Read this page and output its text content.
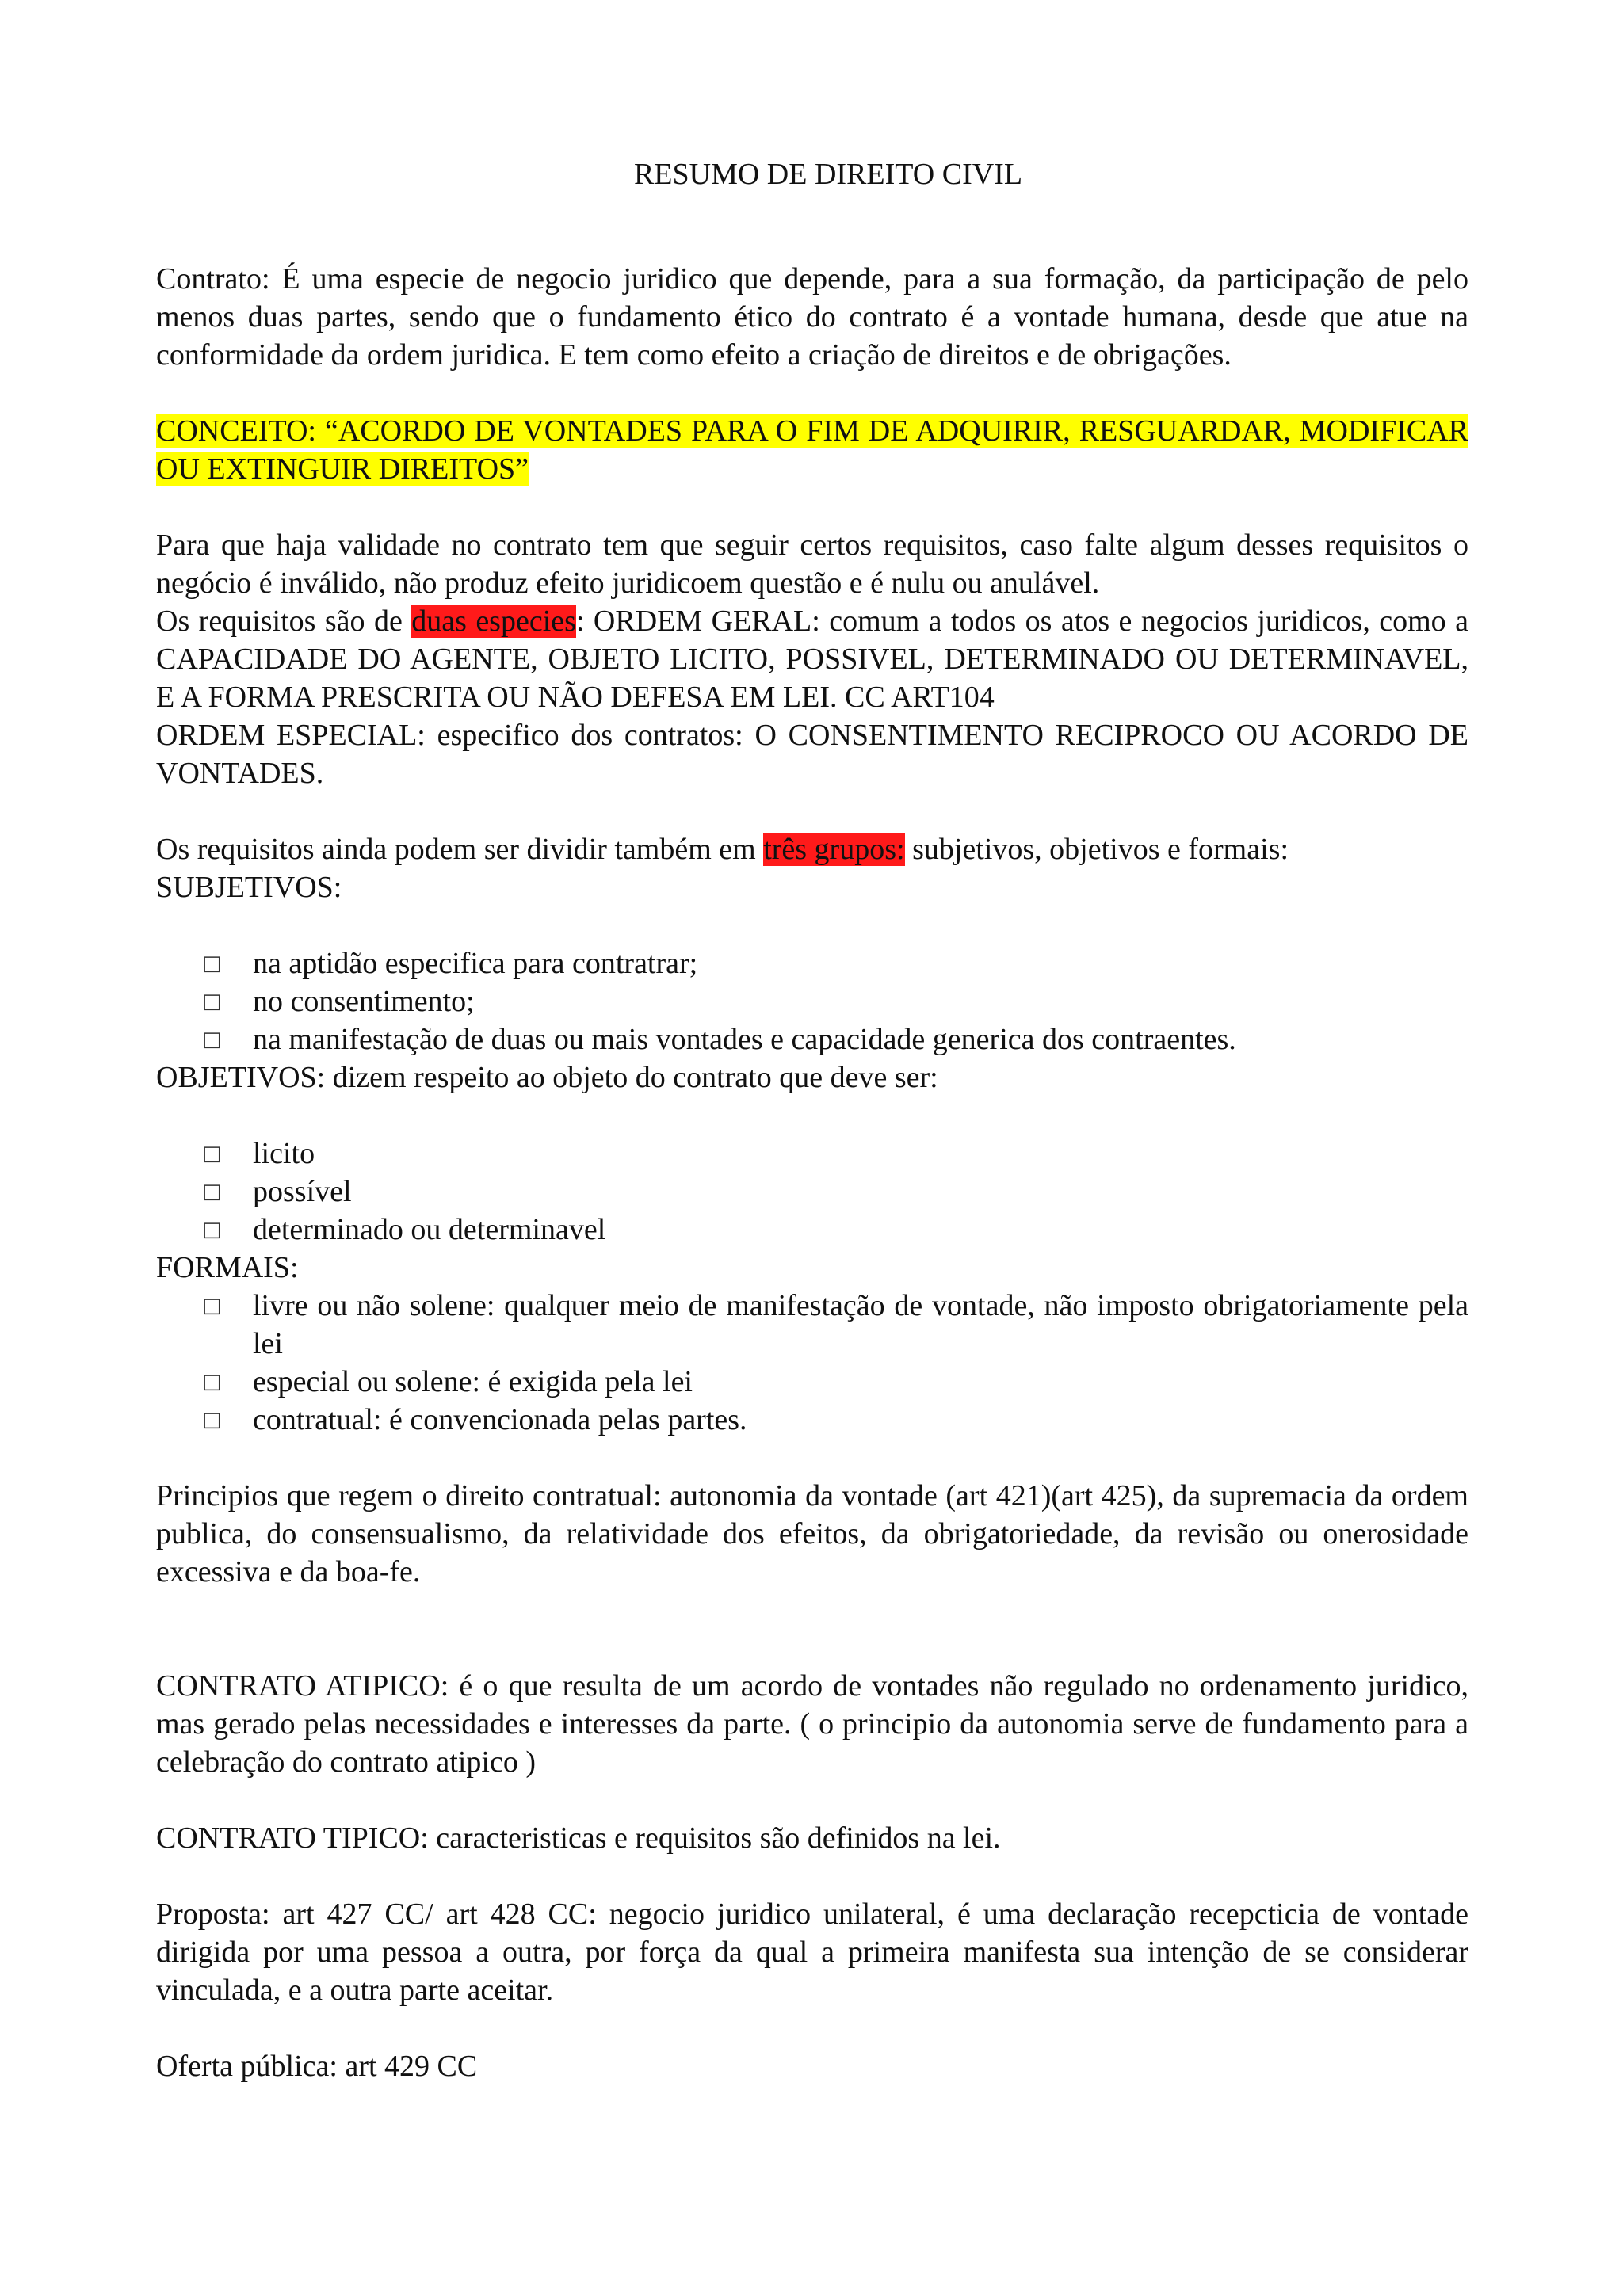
RESUMO DE DIREITO CIVIL

Contrato: É uma especie de negocio juridico que depende, para a sua formação, da participação de pelo menos duas partes, sendo que o fundamento ético do contrato é a vontade humana, desde que atue na conformidade da ordem juridica. E tem como efeito a criação de direitos e de obrigações.

CONCEITO: “ACORDO DE VONTADES PARA O FIM DE ADQUIRIR, RESGUARDAR, MODIFICAR OU EXTINGUIR DIREITOS”

Para que haja validade no contrato tem que seguir certos requisitos, caso falte algum desses requisitos o negócio é inválido, não produz efeito juridicoem questão e é nulu ou anulável.

Os requisitos são de duas especies: ORDEM GERAL: comum a todos os atos e negocios juridicos, como a CAPACIDADE DO AGENTE, OBJETO LICITO, POSSIVEL, DETERMINADO OU DETERMINAVEL, E A FORMA PRESCRITA OU NÃO DEFESA EM LEI. CC ART104

ORDEM ESPECIAL: especifico dos contratos: O CONSENTIMENTO RECIPROCO OU ACORDO DE VONTADES.

Os requisitos ainda podem ser dividir também em três grupos: subjetivos, objetivos e formais:

SUBJETIVOS:

□ na aptidão especifica para contratrar;
□ no consentimento;
□ na manifestação de duas ou mais vontades e capacidade generica dos contraentes.

OBJETIVOS: dizem respeito ao objeto do contrato que deve ser:

□ licito
□ possível
□ determinado ou determinavel

FORMAIS:

□ livre ou não solene: qualquer meio de manifestação de vontade, não imposto obrigatoriamente pela lei
□ especial ou solene: é exigida pela lei
□ contratual: é convencionada pelas partes.

Principios que regem o direito contratual: autonomia da vontade (art 421)(art 425), da supremacia da ordem publica, do consensualismo, da relatividade dos efeitos, da obrigatoriedade, da revisão ou onerosidade excessiva e da boa-fe.

CONTRATO ATIPICO: é o que resulta de um acordo de vontades não regulado no ordenamento juridico, mas gerado pelas necessidades e interesses da parte. ( o principio da autonomia serve de fundamento para a celebração do contrato atipico )

CONTRATO TIPICO: caracteristicas e requisitos são definidos na lei.

Proposta: art 427 CC/ art 428 CC: negocio juridico unilateral, é uma declaração recepcticia de vontade dirigida por uma pessoa a outra, por força da qual a primeira manifesta sua intenção de se considerar vinculada, e a outra parte aceitar.

Oferta pública: art 429 CC
